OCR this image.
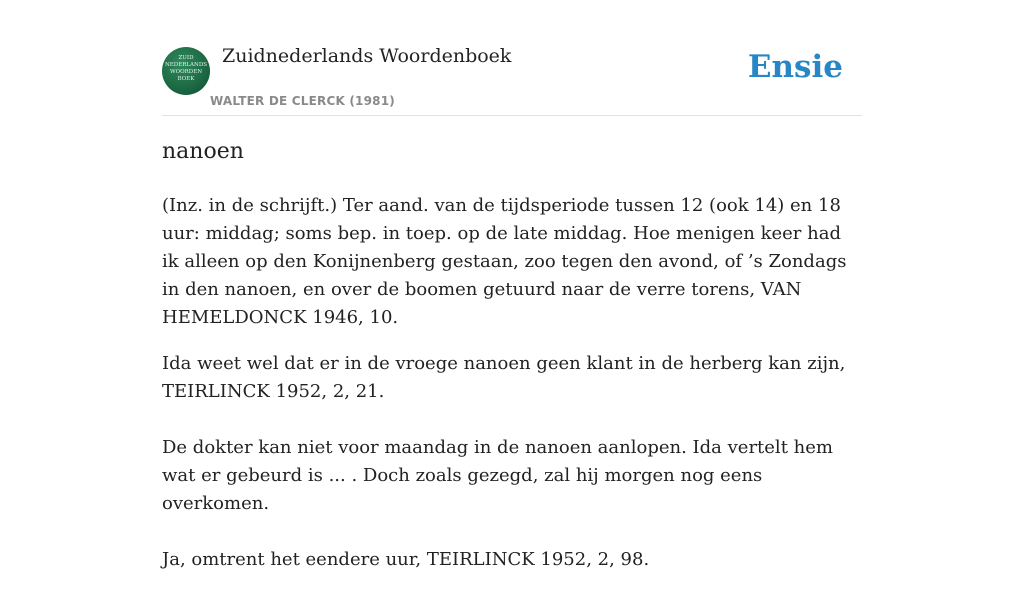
ZUID
NEDERLANDS
WOORDEN
BOEK
Zuidnederlands Woordenboek
WALTER DE CLERCK (1981)
Ensie
nanoen

(Inz. in de schrijft.) Ter aand. van de tijdsperiode tussen 12 (ook 14) en 18 uur: middag; soms bep. in toep. op de late middag. Hoe menigen keer had ik alleen op den Konijnenberg gestaan, zoo tegen den avond, of ’s Zondags in den nanoen, en over de boomen getuurd naar de verre torens, VAN HEMELDONCK 1946, 10.

Ida weet wel dat er in de vroege nanoen geen klant in de herberg kan zijn, TEIRLINCK 1952, 2, 21.

De dokter kan niet voor maandag in de nanoen aanlopen. Ida vertelt hem wat er gebeurd is ... . Doch zoals gezegd, zal hij morgen nog eens overkomen.

Ja, omtrent het eendere uur, TEIRLINCK 1952, 2, 98.
